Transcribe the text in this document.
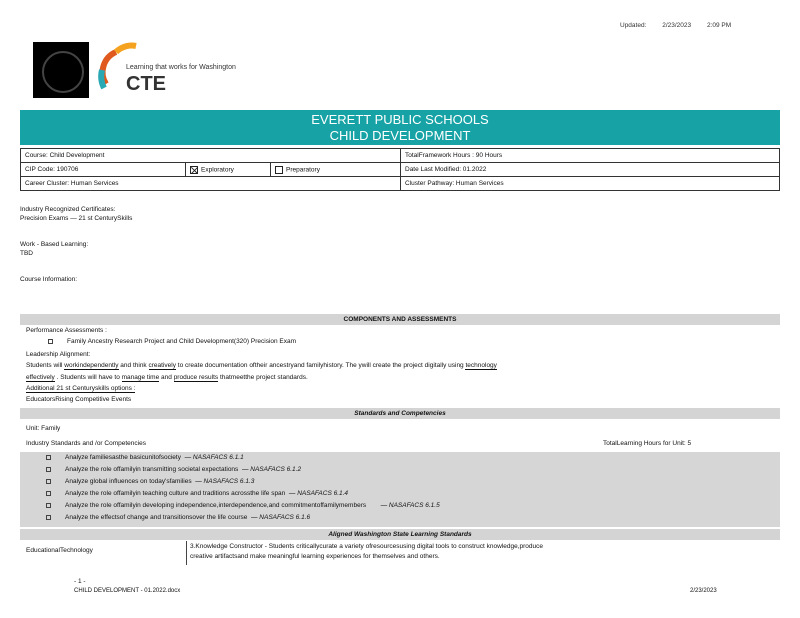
Updated: 2/23/2023 2:09 PM
Learning that works for Washington
CTE
EVERETT PUBLIC SCHOOLS
CHILD DEVELOPMENT
Course: Child Development			TotalFramework Hours : 90 Hours
CIP Code: 190706	Exploratory	Preparatory	Date Last Modified: 01.2022
Career Cluster: Human Services			Cluster Pathway: Human Services
Industry Recognized Certificates:
Precision Exams — 21 st CenturySkills
Work - Based Learning:
TBD
Course Information:
COMPONENTS AND ASSESSMENTS
Performance Assessments :
Family Ancestry Research Project and Child Development(320) Precision Exam
Leadership Alignment:
Students will workindependently and think creatively to create documentation oftheir ancestryand familyhistory. The ywill create the project digitally using technology
effectively . Students will have to manage time and produce results thatmeetthe project standards.
Additional 21 st Centuryskills options :
EducatorsRising Competitive Events
Standards and Competencies
Unit: Family
Industry Standards and /or Competencies	TotalLearning Hours for Unit: 5
Analyze familiesasthe basicunitofsociety — NASAFACS 6.1.1
Analyze the role offamilyin transmitting societal expectations — NASAFACS 6.1.2
Analyze global influences on today'sfamilies — NASAFACS 6.1.3
Analyze the role offamilyin teaching culture and traditions acrossthe life span — NASAFACS 6.1.4
Analyze the role offamilyin developing independence,interdependence,and commitmentoffamilymembers — NASAFACS 6.1.5
Analyze the effectsof change and transitionsover the life course — NASAFACS 6.1.6
Aligned Washington State Learning Standards
EducationalTechnology
3.Knowledge Constructor - Students criticallycurate a variety ofresourcesusing digital tools to construct knowledge,produce
creative artifactsand make meaningful learning experiences for themselves and others.
- 1 -
CHILD DEVELOPMENT - 01.2022.docx	2/23/2023
